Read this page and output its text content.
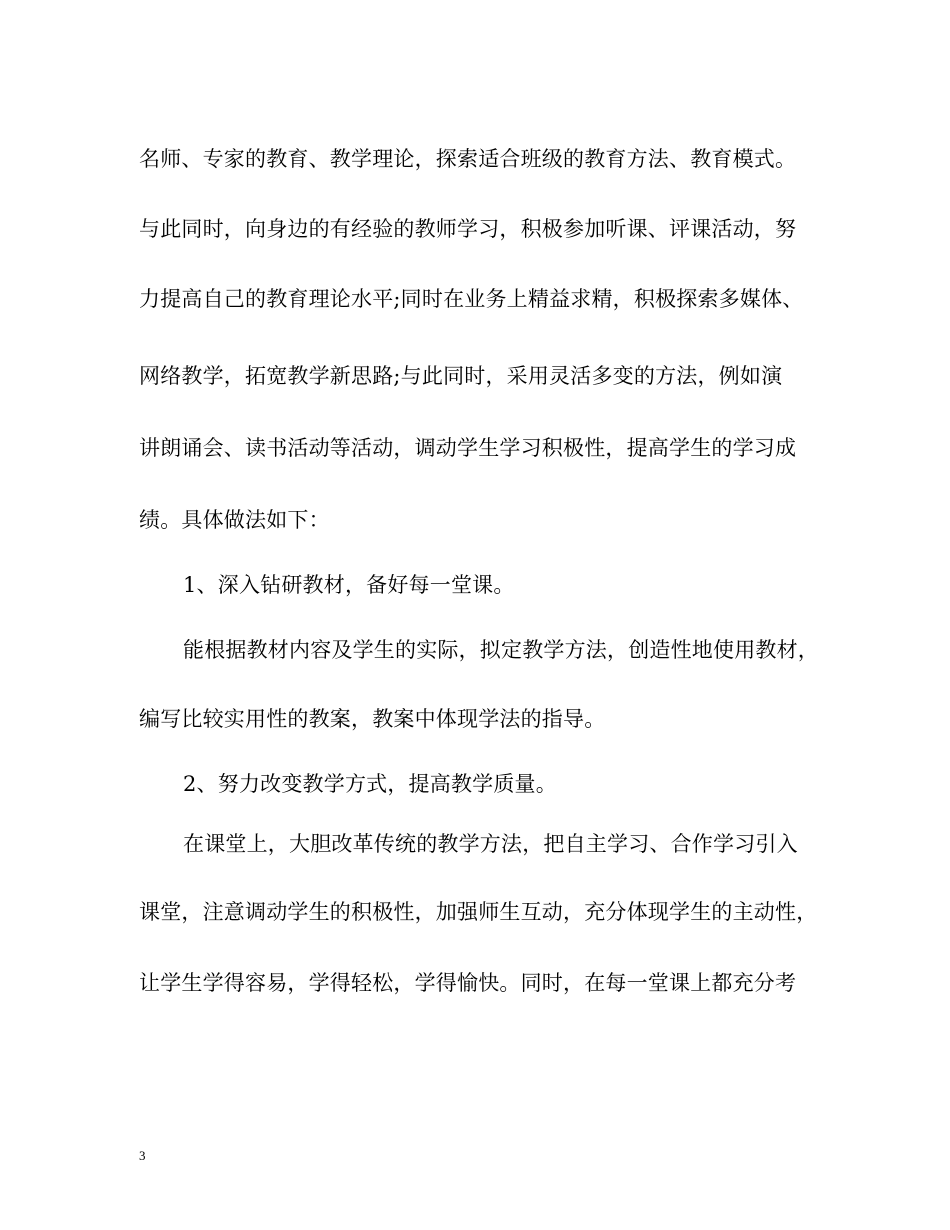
名师、专家的教育、教学理论，探索适合班级的教育方法、教育模式。
与此同时，向身边的有经验的教师学习，积极参加听课、评课活动，努
力提高自己的教育理论水平;同时在业务上精益求精，积极探索多媒体、
网络教学，拓宽教学新思路;与此同时，采用灵活多变的方法，例如演
讲朗诵会、读书活动等活动，调动学生学习积极性，提高学生的学习成
绩。具体做法如下：
1、深入钻研教材，备好每一堂课。
能根据教材内容及学生的实际，拟定教学方法，创造性地使用教材，
编写比较实用性的教案，教案中体现学法的指导。
2、努力改变教学方式，提高教学质量。
在课堂上，大胆改革传统的教学方法，把自主学习、合作学习引入
课堂，注意调动学生的积极性，加强师生互动，充分体现学生的主动性，
让学生学得容易，学得轻松，学得愉快。同时，在每一堂课上都充分考
3
